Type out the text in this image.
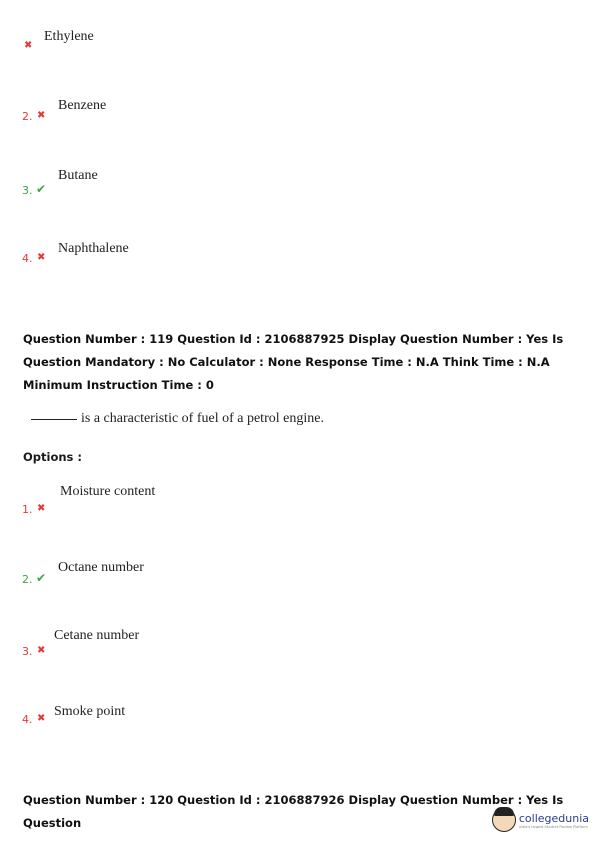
✖
Ethylene
2. ✖
Benzene
3. ✔
Butane
4. ✖
Naphthalene
Question Number : 119 Question Id : 2106887925 Display Question Number : Yes Is Question Mandatory : No Calculator : None Response Time : N.A Think Time : N.A Minimum Instruction Time : 0
is a characteristic of fuel of a petrol engine.
Options :
1. ✖
Moisture content
2. ✔
Octane number
3. ✖
Cetane number
4. ✖ Smoke point
Question Number : 120 Question Id : 2106887926 Display Question Number : Yes Is Question	collegedunia
India's largest Student Review Platform
